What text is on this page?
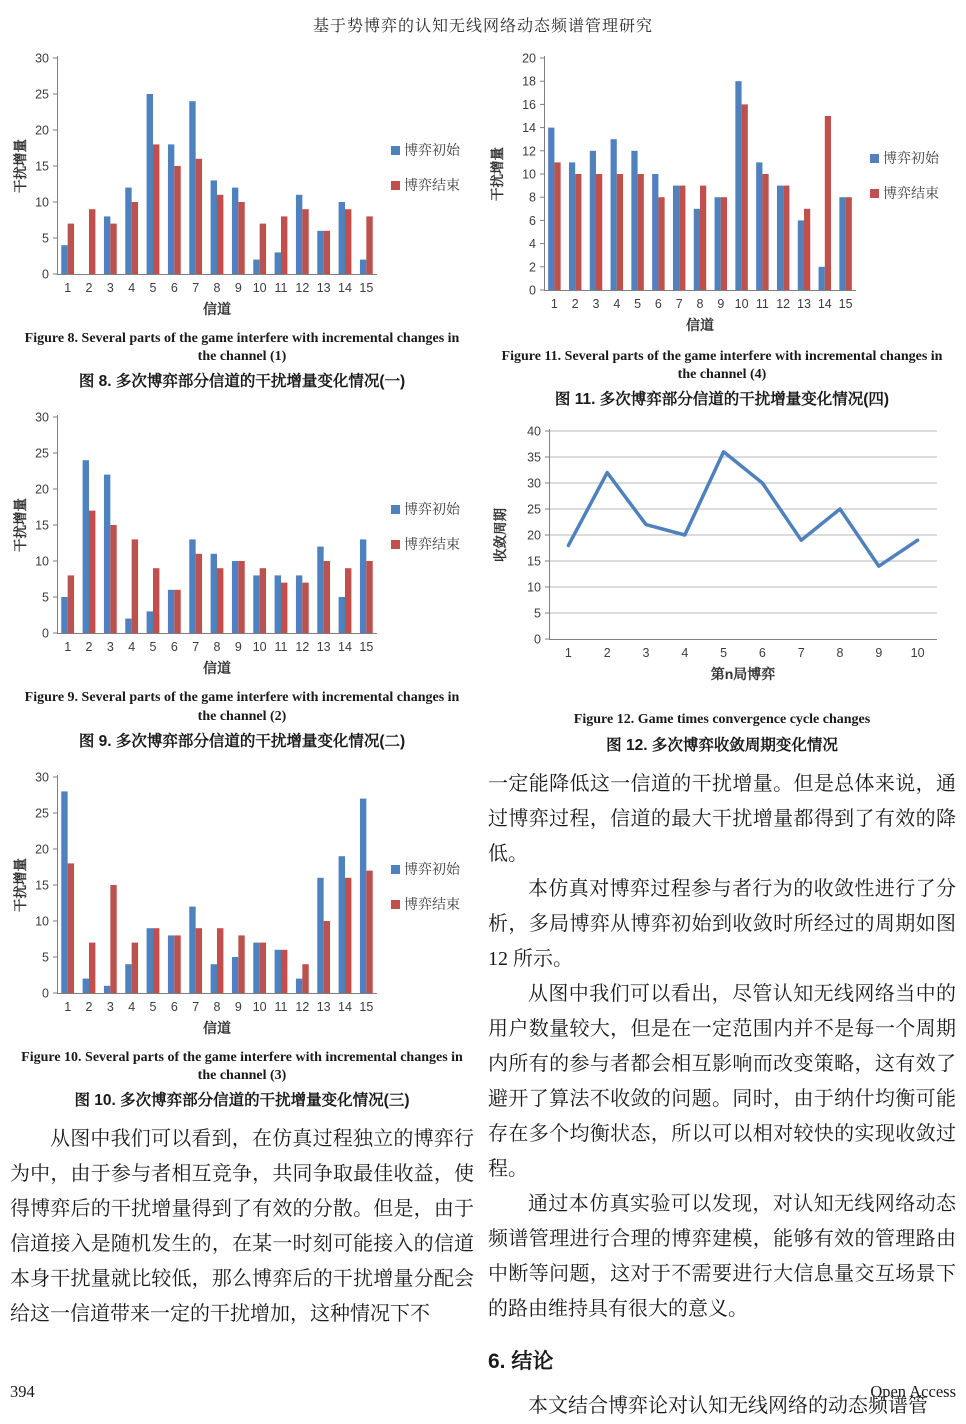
基于势博弈的认知无线网络动态频谱管理研究
0
5
10
15
20
25
30
1 2 3 4 5 6 7 8 9 10 11 12 13 14 15
信道
干扰增量	博弈初始
博弈结束
Figure 8. Several parts of the game interfere with incremental changes in the channel (1)
图 8. 多次博弈部分信道的干扰增量变化情况(一)
0
5
10
15
20
25
30
1 2 3 4 5 6 7 8 9 10 11 12 13 14 15
信道
干扰增量	博弈初始
博弈结束
Figure 9. Several parts of the game interfere with incremental changes in the channel (2)
图 9. 多次博弈部分信道的干扰增量变化情况(二)
0
5
10
15
20
25
30
1 2 3 4 5 6 7 8 9 10 11 12 13 14 15
信道
干扰增量	博弈初始
博弈结束
Figure 10. Several parts of the game interfere with incremental changes in the channel (3)
图 10. 多次博弈部分信道的干扰增量变化情况(三)

从图中我们可以看到，在仿真过程独立的博弈行为中，由于参与者相互竞争，共同争取最佳收益，使得博弈后的干扰增量得到了有效的分散。但是，由于信道接入是随机发生的，在某一时刻可能接入的信道本身干扰量就比较低，那么博弈后的干扰增量分配会给这一信道带来一定的干扰增加，这种情况下不

0
2
4
6
8
10
12
14
16
18
20
1 2 3 4 5 6 7 8 9 10 11 12 13 14 15
信道
干扰增量	博弈初始
博弈结束
Figure 11. Several parts of the game interfere with incremental changes in the channel (4)
图 11. 多次博弈部分信道的干扰增量变化情况(四)
0
5
10
15
20
25
30
35
40
1	2	3	4	5	6	7	8	9 10
第n局博弈
收敛周期
Figure 12. Game times convergence cycle changes
图 12. 多次博弈收敛周期变化情况

一定能降低这一信道的干扰增量。但是总体来说，通过博弈过程，信道的最大干扰增量都得到了有效的降低。

本仿真对博弈过程参与者行为的收敛性进行了分析，多局博弈从博弈初始到收敛时所经过的周期如图 12 所示。

从图中我们可以看出，尽管认知无线网络当中的用户数量较大，但是在一定范围内并不是每一个周期内所有的参与者都会相互影响而改变策略，这有效了避开了算法不收敛的问题。同时，由于纳什均衡可能存在多个均衡状态，所以可以相对较快的实现收敛过程。

通过本仿真实验可以发现，对认知无线网络动态频谱管理进行合理的博弈建模，能够有效的管理路由中断等问题，这对于不需要进行大信息量交互场景下的路由维持具有很大的意义。

6. 结论

本文结合博弈论对认知无线网络的动态频谱管

394	Open Access
